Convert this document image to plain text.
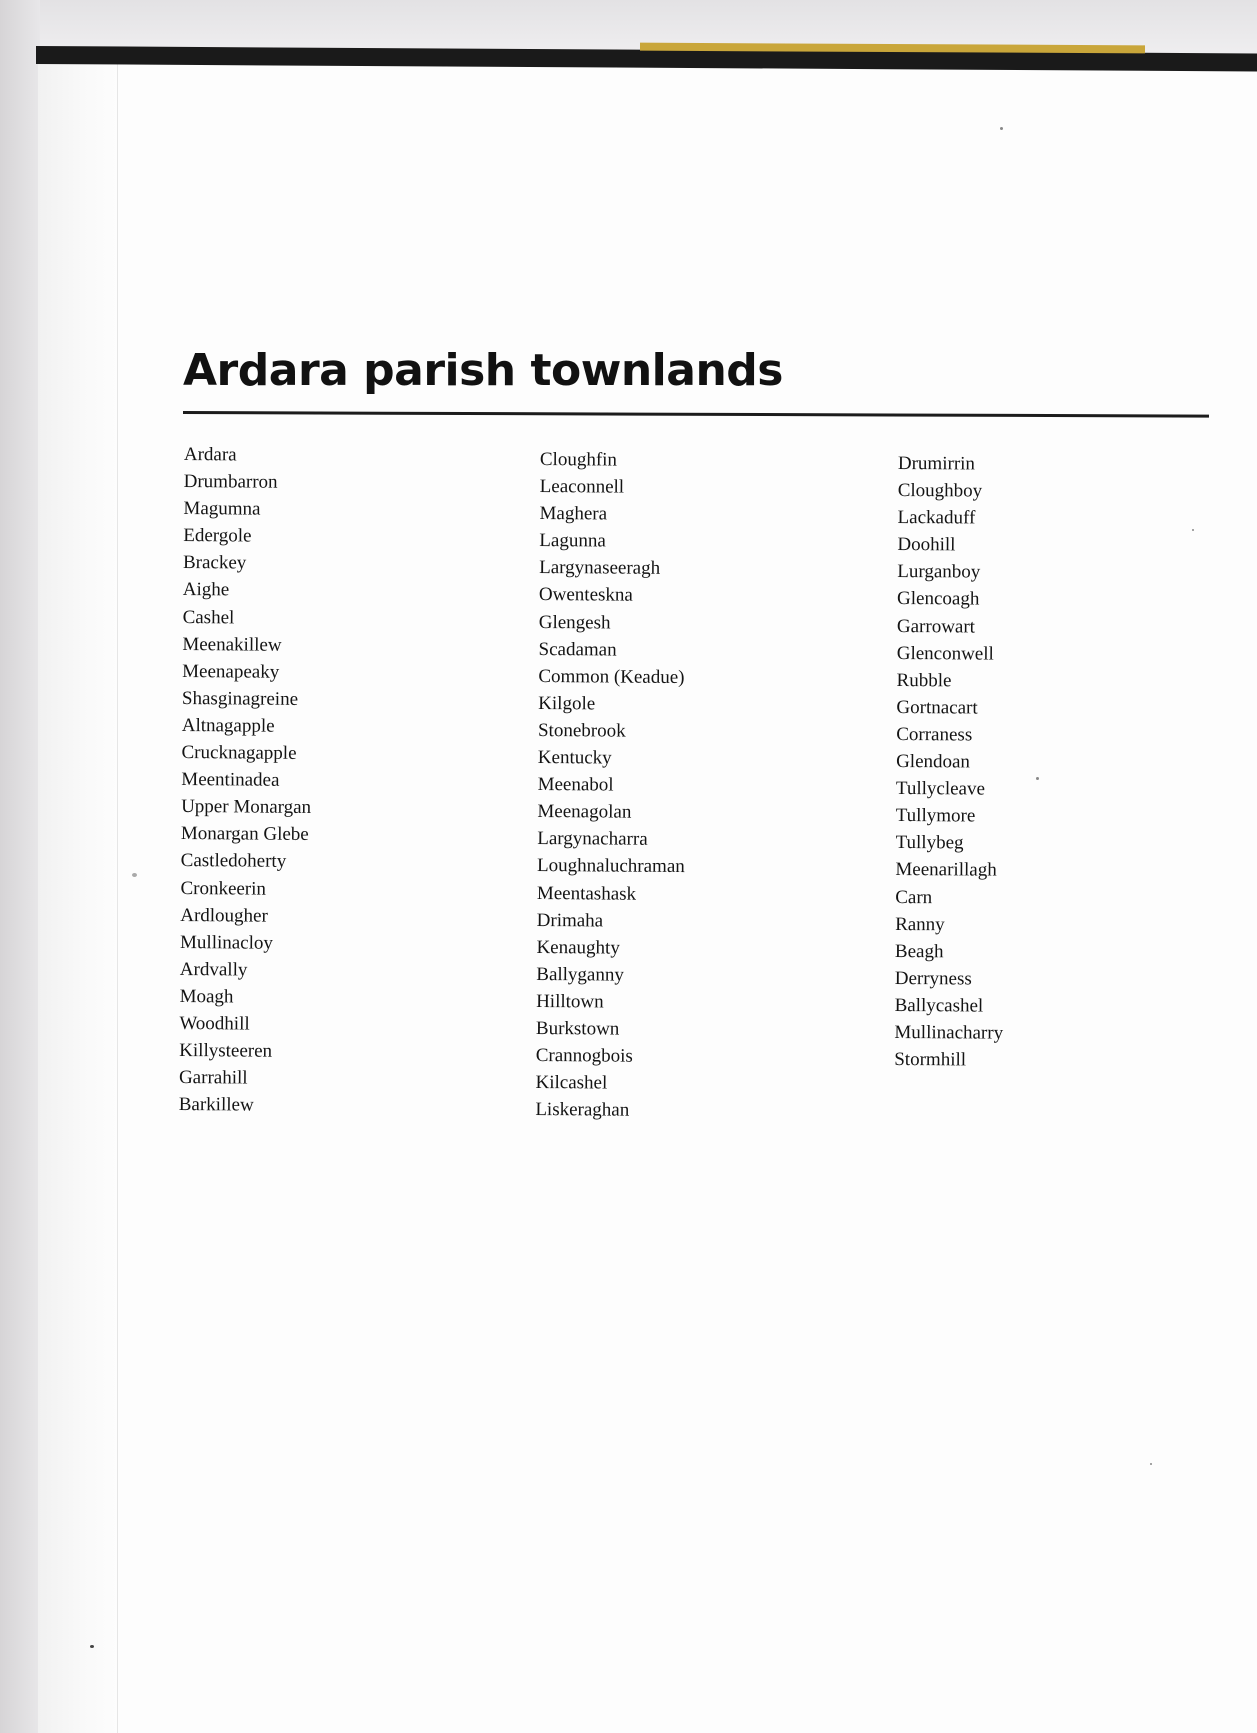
Ardara parish townlands
Ardara
Drumbarron
Magumna
Edergole
Brackey
Aighe
Cashel
Meenakillew
Meenapeaky
Shasginagreine
Altnagapple
Crucknagapple
Meentinadea
Upper Monargan
Monargan Glebe
Castledoherty
Cronkeerin
Ardlougher
Mullinacloy
Ardvally
Moagh
Woodhill
Killysteeren
Garrahill
Barkillew
Cloughfin
Leaconnell
Maghera
Lagunna
Largynaseeragh
Owenteskna
Glengesh
Scadaman
Common (Keadue)
Kilgole
Stonebrook
Kentucky
Meenabol
Meenagolan
Largynacharra
Loughnaluchraman
Meentashask
Drimaha
Kenaughty
Ballyganny
Hilltown
Burkstown
Crannogbois
Kilcashel
Liskeraghan
Drumirrin
Cloughboy
Lackaduff
Doohill
Lurganboy
Glencoagh
Garrowart
Glenconwell
Rubble
Gortnacart
Corraness
Glendoan
Tullycleave
Tullymore
Tullybeg
Meenarillagh
Carn
Ranny
Beagh
Derryness
Ballycashel
Mullinacharry
Stormhill
